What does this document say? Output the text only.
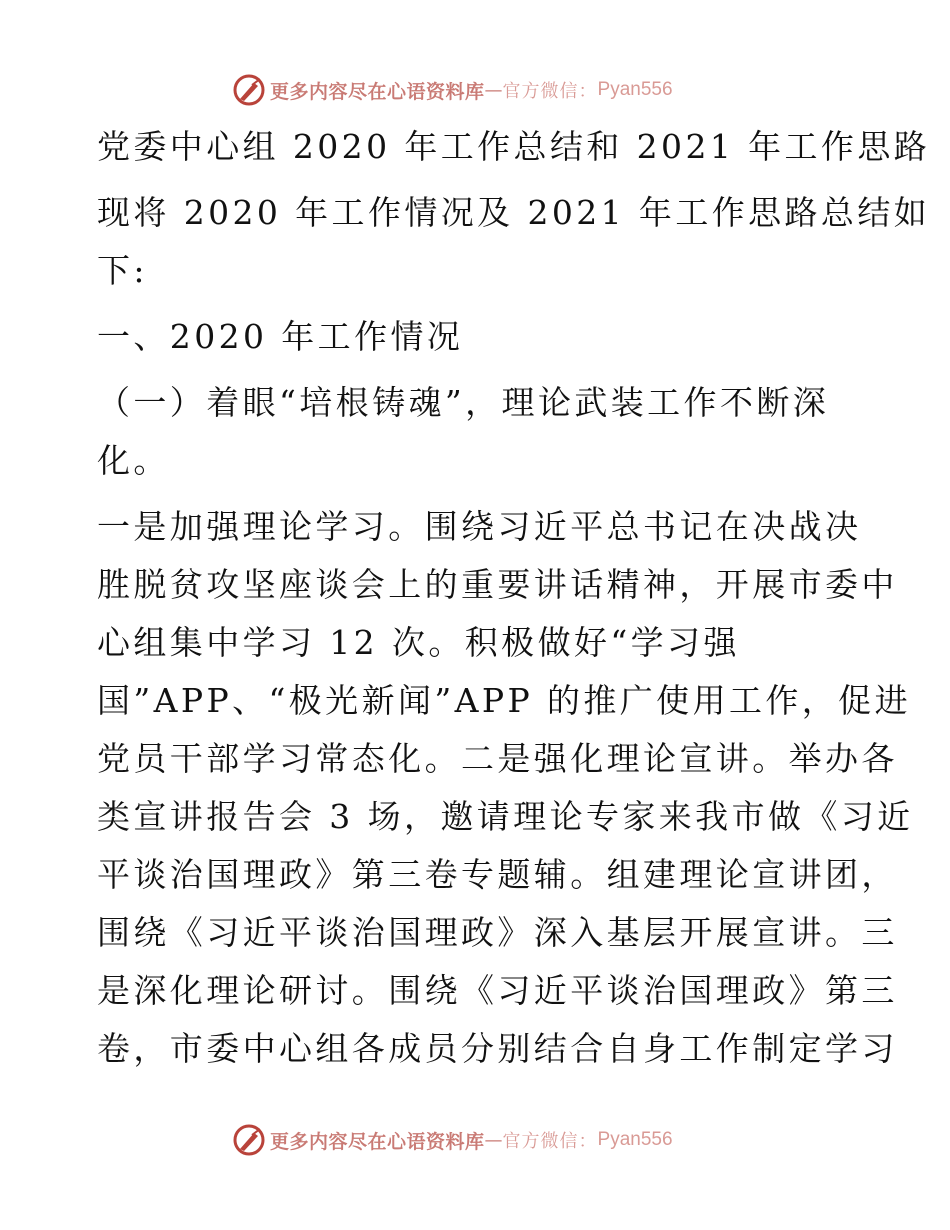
更多内容尽在心语资料库 — 官方微信： Pyan556
党委中心组 2020 年工作总结和 2021 年工作思路
现将 2020 年工作情况及 2021 年工作思路总结如
下:
一、2020 年工作情况
（一）着眼“培根铸魂”，理论武装工作不断深
化。
一是加强理论学习。围绕习近平总书记在决战决
胜脱贫攻坚座谈会上的重要讲话精神，开展市委中
心组集中学习 12 次。积极做好“学习强
国”APP、“极光新闻”APP 的推广使用工作，促进
党员干部学习常态化。二是强化理论宣讲。举办各
类宣讲报告会 3 场，邀请理论专家来我市做《习近
平谈治国理政》第三卷专题辅。组建理论宣讲团，
围绕《习近平谈治国理政》深入基层开展宣讲。三
是深化理论研讨。围绕《习近平谈治国理政》第三
卷，市委中心组各成员分别结合自身工作制定学习
更多内容尽在心语资料库 — 官方微信： Pyan556
